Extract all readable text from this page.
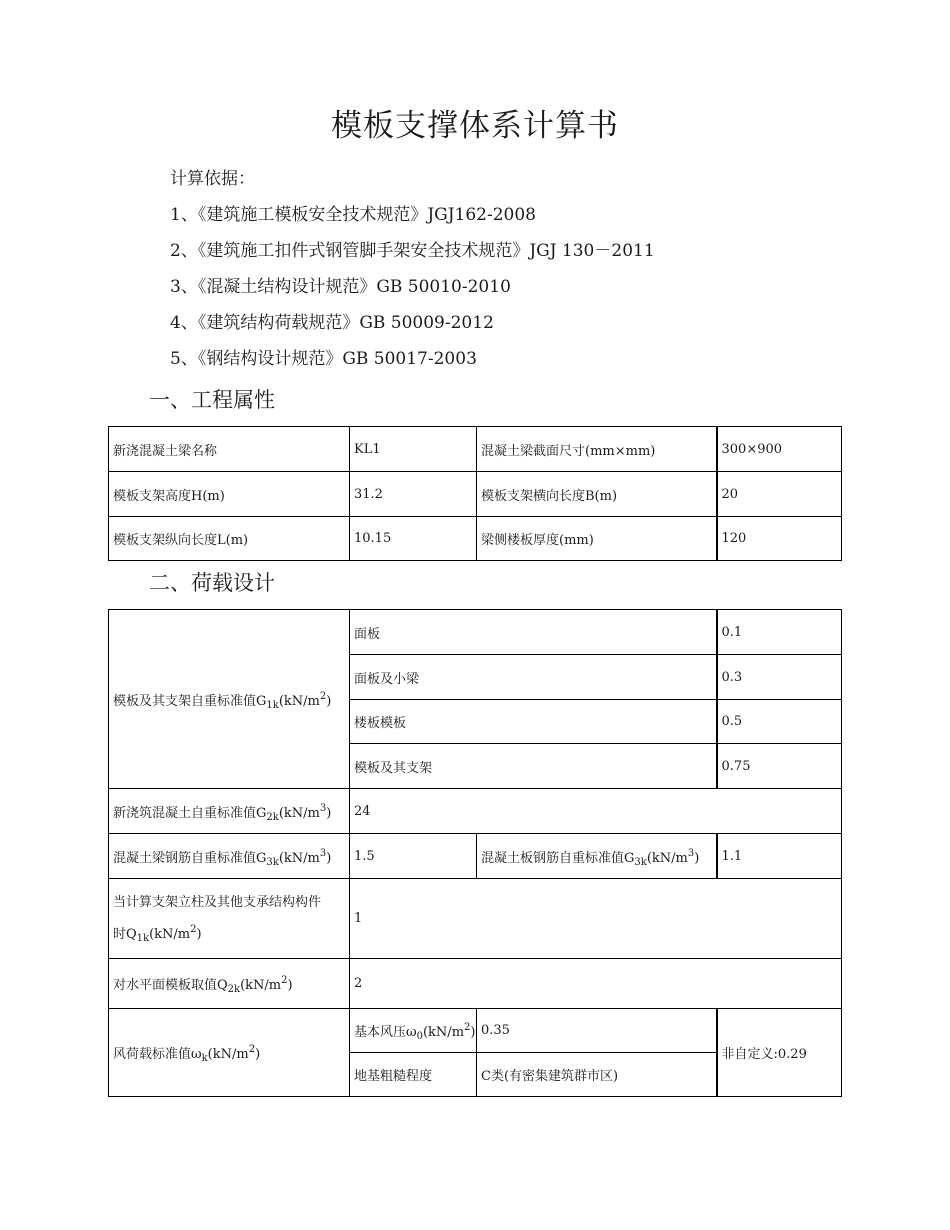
模板支撑体系计算书
计算依据：
1、《建筑施工模板安全技术规范》JGJ162-2008
2、《建筑施工扣件式钢管脚手架安全技术规范》JGJ 130－2011
3、《混凝土结构设计规范》GB 50010-2010
4、《建筑结构荷载规范》GB 50009-2012
5、《钢结构设计规范》GB 50017-2003
一、工程属性
新浇混凝土梁名称	KL1	混凝土梁截面尺寸(mm×mm)	300×900
模板支架高度H(m)	31.2	模板支架横向长度B(m)	20
模板支架纵向长度L(m)	10.15	梁侧楼板厚度(mm)	120
二、荷载设计
模板及其支架自重标准值$G_{1k}(kN/m^2)$	面板		0.1
	面板及小梁		0.3
	楼板模板		0.5
	模板及其支架		0.75
新浇筑混凝土自重标准值$G_{2k}(kN/m^3)$	24		
混凝土梁钢筋自重标准值$G_{3k}(kN/m^3)$	1.5	混凝土板钢筋自重标准值$G_{3k}(kN/m^3)$	1.1
当计算支架立柱及其他支承结构构件
时$Q_{1k}(kN/m^2)$	1		
对水平面模板取值$Q_{2k}(kN/m^2)$	2		
风荷载标准值$\omega_k(kN/m^2)$	基本风压$\omega_0(kN/m^2)$	0.35	非自定义:0.29
	地基粗糙程度	C类(有密集建筑群市区)	
